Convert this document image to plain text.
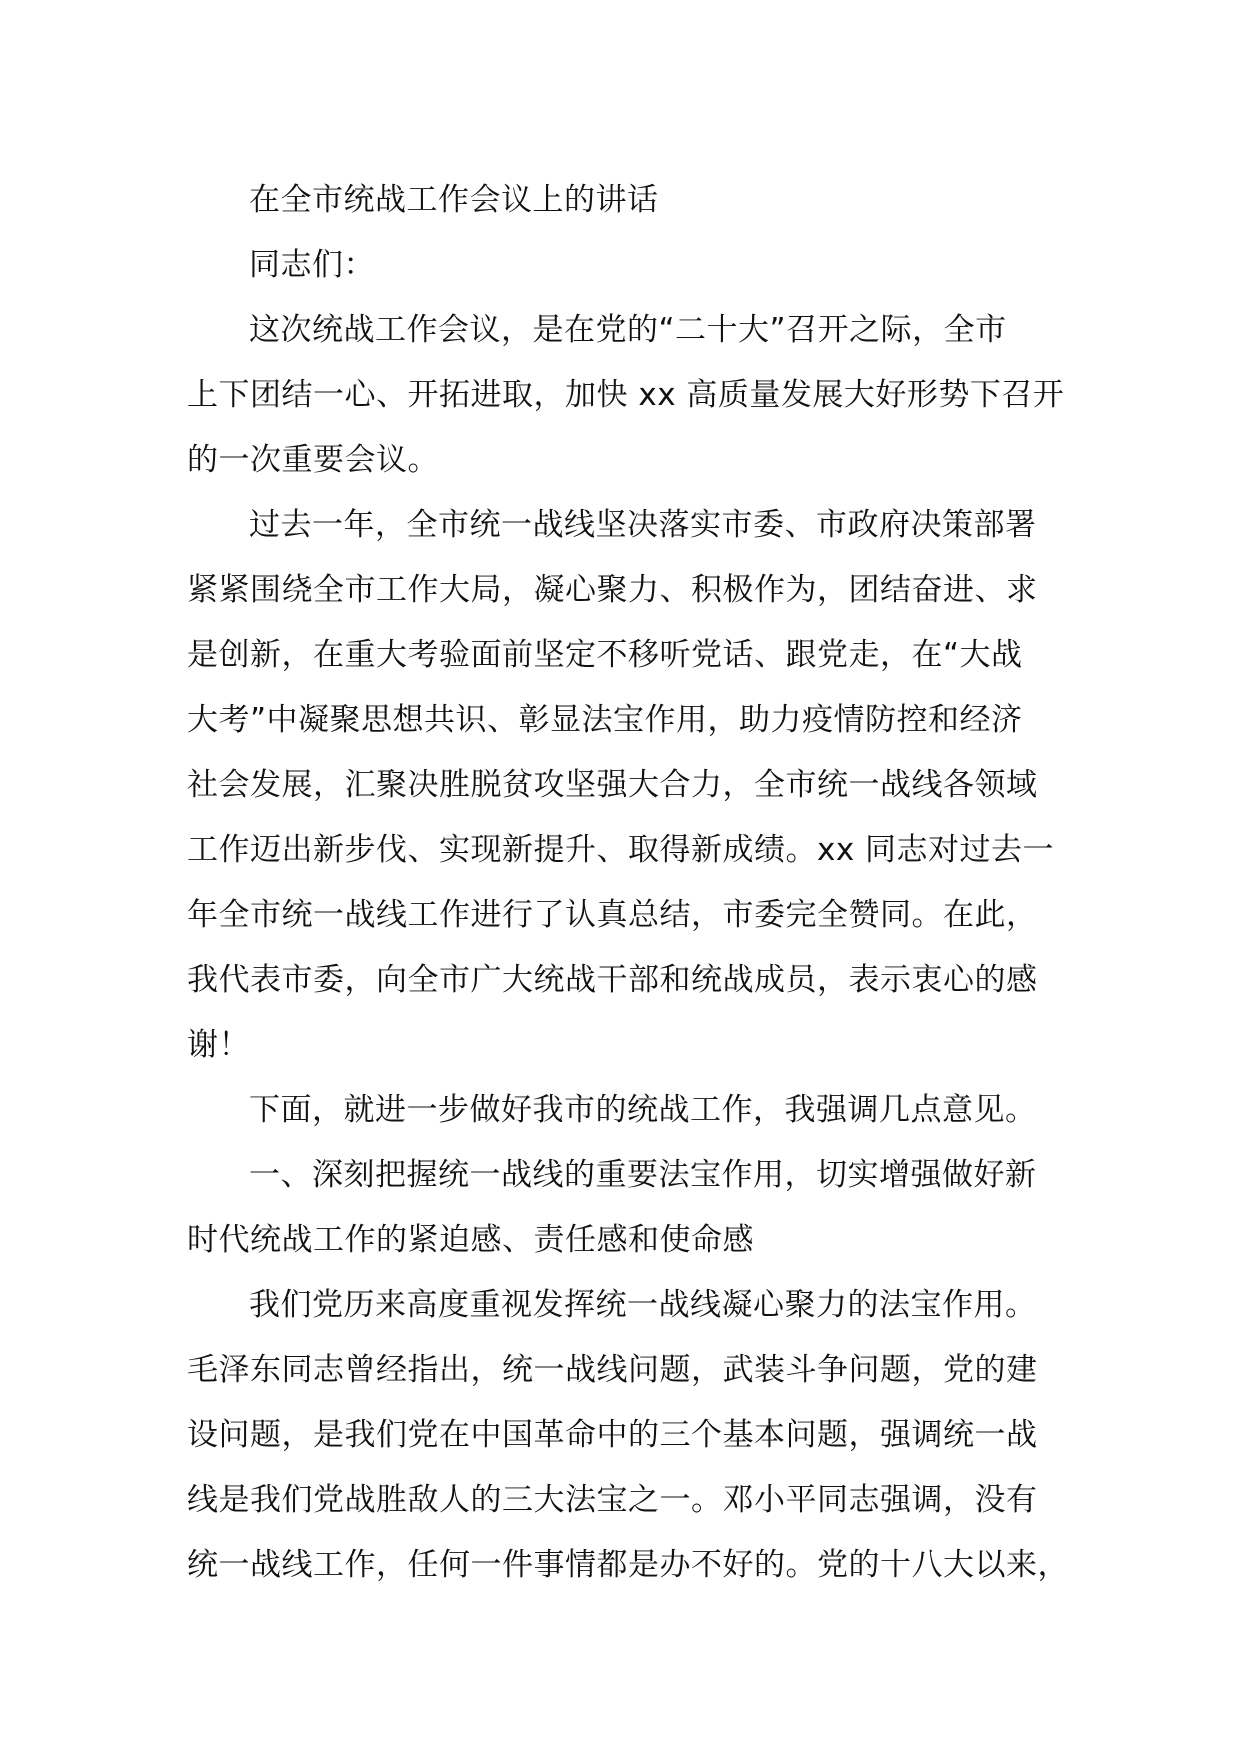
在全市统战工作会议上的讲话
同志们：
这次统战工作会议，是在党的“二十大”召开之际，全市
上下团结一心、开拓进取，加快 xx 高质量发展大好形势下召开
的一次重要会议。
过去一年，全市统一战线坚决落实市委、市政府决策部署
紧紧围绕全市工作大局，凝心聚力、积极作为，团结奋进、求
是创新，在重大考验面前坚定不移听党话、跟党走，在“大战
大考”中凝聚思想共识、彰显法宝作用，助力疫情防控和经济
社会发展，汇聚决胜脱贫攻坚强大合力，全市统一战线各领域
工作迈出新步伐、实现新提升、取得新成绩。xx 同志对过去一
年全市统一战线工作进行了认真总结，市委完全赞同。在此，
我代表市委，向全市广大统战干部和统战成员，表示衷心的感
谢！
下面，就进一步做好我市的统战工作，我强调几点意见。
一、深刻把握统一战线的重要法宝作用，切实增强做好新
时代统战工作的紧迫感、责任感和使命感
我们党历来高度重视发挥统一战线凝心聚力的法宝作用。
毛泽东同志曾经指出，统一战线问题，武装斗争问题，党的建
设问题，是我们党在中国革命中的三个基本问题，强调统一战
线是我们党战胜敌人的三大法宝之一。邓小平同志强调，没有
统一战线工作，任何一件事情都是办不好的。党的十八大以来，
